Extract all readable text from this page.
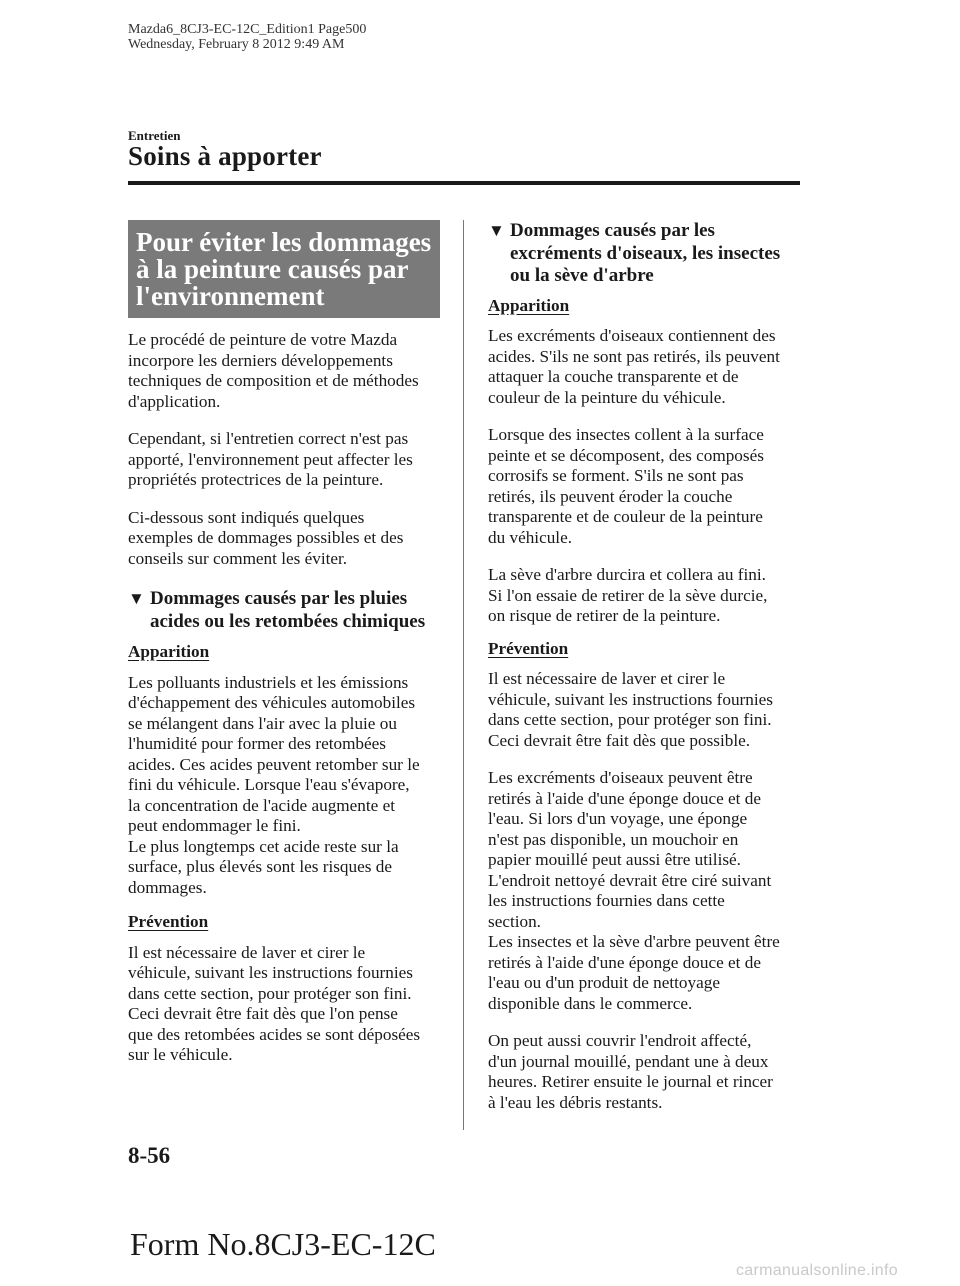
Mazda6_8CJ3-EC-12C_Edition1 Page500
Wednesday, February 8 2012 9:49 AM
Entretien
Soins à apporter
Pour éviter les dommages
à la peinture causés par
l'environnement

Le procédé de peinture de votre Mazda
incorpore les derniers développements
techniques de composition et de méthodes
d'application.

Cependant, si l'entretien correct n'est pas
apporté, l'environnement peut affecter les
propriétés protectrices de la peinture.

Ci-dessous sont indiqués quelques
exemples de dommages possibles et des
conseils sur comment les éviter.

▼ Dommages causés par les pluies
acides ou les retombées chimiques
Apparition

Les polluants industriels et les émissions
d'échappement des véhicules automobiles
se mélangent dans l'air avec la pluie ou
l'humidité pour former des retombées
acides. Ces acides peuvent retomber sur le
fini du véhicule. Lorsque l'eau s'évapore,
la concentration de l'acide augmente et
peut endommager le fini.
Le plus longtemps cet acide reste sur la
surface, plus élevés sont les risques de
dommages.

Prévention

Il est nécessaire de laver et cirer le
véhicule, suivant les instructions fournies
dans cette section, pour protéger son fini.
Ceci devrait être fait dès que l'on pense
que des retombées acides se sont déposées
sur le véhicule.

▼ Dommages causés par les
excréments d'oiseaux, les insectes
ou la sève d'arbre
Apparition

Les excréments d'oiseaux contiennent des
acides. S'ils ne sont pas retirés, ils peuvent
attaquer la couche transparente et de
couleur de la peinture du véhicule.

Lorsque des insectes collent à la surface
peinte et se décomposent, des composés
corrosifs se forment. S'ils ne sont pas
retirés, ils peuvent éroder la couche
transparente et de couleur de la peinture
du véhicule.

La sève d'arbre durcira et collera au fini.
Si l'on essaie de retirer de la sève durcie,
on risque de retirer de la peinture.

Prévention

Il est nécessaire de laver et cirer le
véhicule, suivant les instructions fournies
dans cette section, pour protéger son fini.
Ceci devrait être fait dès que possible.

Les excréments d'oiseaux peuvent être
retirés à l'aide d'une éponge douce et de
l'eau. Si lors d'un voyage, une éponge
n'est pas disponible, un mouchoir en
papier mouillé peut aussi être utilisé.
L'endroit nettoyé devrait être ciré suivant
les instructions fournies dans cette
section.
Les insectes et la sève d'arbre peuvent être
retirés à l'aide d'une éponge douce et de
l'eau ou d'un produit de nettoyage
disponible dans le commerce.

On peut aussi couvrir l'endroit affecté,
d'un journal mouillé, pendant une à deux
heures. Retirer ensuite le journal et rincer
à l'eau les débris restants.

8-56
Form No.8CJ3-EC-12C
carmanualsonline.info
